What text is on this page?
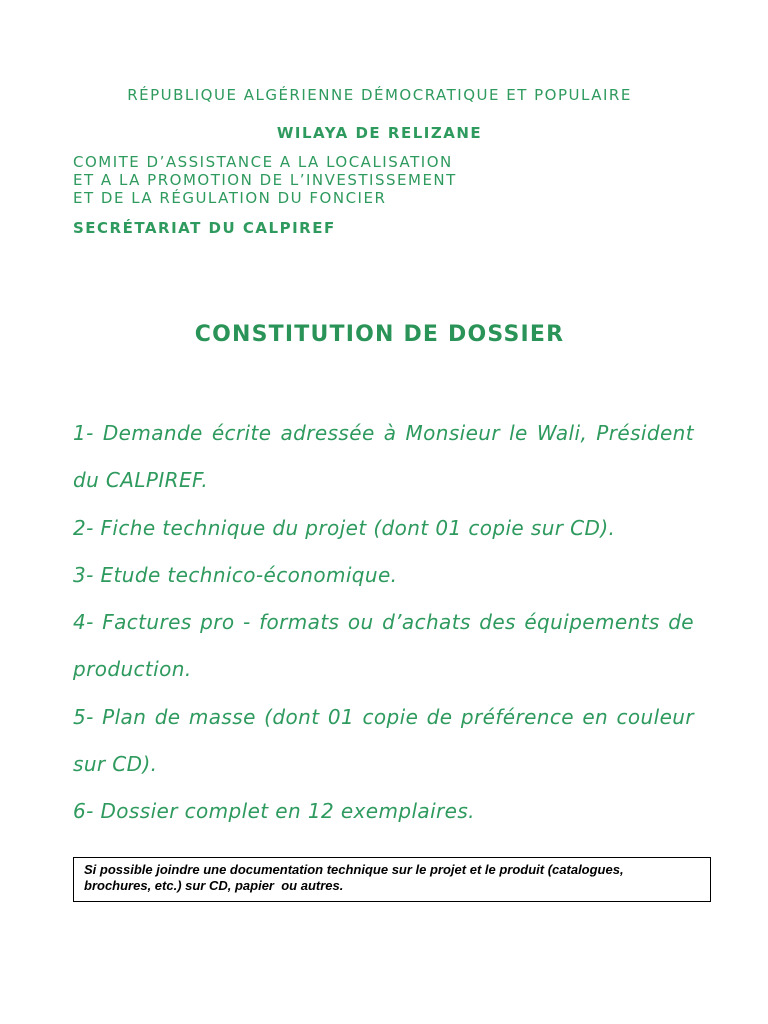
RÉPUBLIQUE ALGÉRIENNE DÉMOCRATIQUE ET POPULAIRE
WILAYA DE RELIZANE
COMITE D’ASSISTANCE A LA LOCALISATION
ET A LA PROMOTION DE L’INVESTISSEMENT
ET DE LA RÉGULATION DU FONCIER
SECRÉTARIAT DU CALPIREF
CONSTITUTION DE DOSSIER
1- Demande écrite adressée à Monsieur le Wali, Président
du CALPIREF.
2- Fiche technique du projet (dont 01 copie sur CD).
3- Etude technico-économique.
4- Factures pro - formats ou d’achats des équipements de
production.
5- Plan de masse (dont 01 copie de préférence en couleur
sur CD).
6- Dossier complet en 12 exemplaires.
Si possible joindre une documentation technique sur le projet et le produit (catalogues,
brochures, etc.) sur CD, papier  ou autres.
